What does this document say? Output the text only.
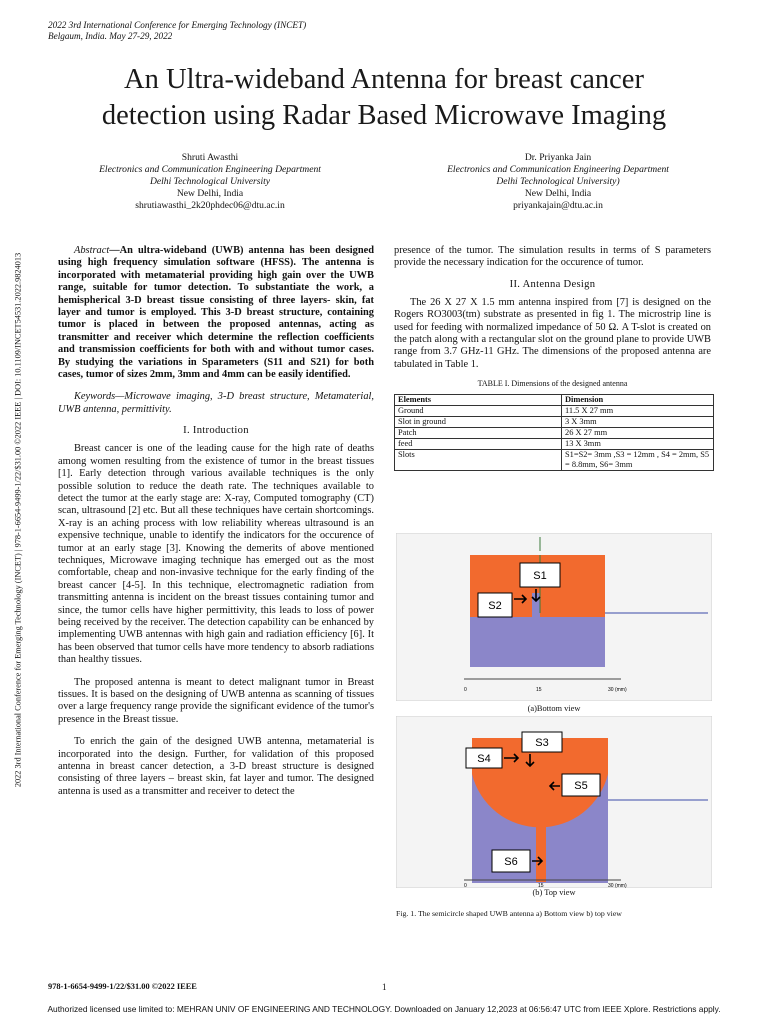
2022 3rd International Conference for Emerging Technology (INCET)
Belgaum, India. May 27-29, 2022
An Ultra-wideband Antenna for breast cancer
detection using Radar Based Microwave Imaging
Shruti Awasthi
Electronics and Communication Engineering Department
Delhi Technological University
New Delhi, India
shrutiawasthi_2k20phdec06@dtu.ac.in
Dr. Priyanka Jain
Electronics and Communication Engineering Department
Delhi Technological University)
New Delhi, India
priyankajain@dtu.ac.in
2022 3rd International Conference for Emerging Technology (INCET) | 978-1-6654-9499-1/22/$31.00 ©2022 IEEE | DOI: 10.1109/INCET54531.2022.9824013

Abstract—An ultra-wideband (UWB) antenna has been designed using high frequency simulation software (HFSS). The antenna is incorporated with metamaterial providing high gain over the UWB range, suitable for tumor detection. To substantiate the work, a hemispherical 3-D breast tissue consisting of three layers- skin, fat layer and tumor is employed. This 3-D breast structure, containing tumor is placed in between the proposed antennas, acting as transmitter and receiver which determine the reflection coefficients and transmission coefficients for both with and without tumor cases. By studying the variations in Sparameters (S11 and S21) for both cases, tumor of sizes 2mm, 3mm and 4mm can be easily identified.

Keywords—Microwave imaging, 3-D breast structure, Metamaterial, UWB antenna, permittivity.

I. Introduction

Breast cancer is one of the leading cause for the high rate of deaths among women resulting from the existence of tumor in the breast tissues [1]. Early detection through various available techniques is the only possible solution to reduce the death rate. The techniques available to detect the tumor at the early stage are: X-ray, Computed tomography (CT) scan, ultrasound [2] etc. But all these techniques have certain shortcomings. X-ray is an aching process with low reliability whereas ultrasound is an expensive technique, unable to identify the indicators for the occurence of tumor at an early stage [3]. Knowing the demerits of above mentioned techniques, Microwave imaging technique has emerged out as the most comfortable, cheap and non-invasive technique for the early finding of the breast cancer [4-5]. In this technique, electromagnetic radiation from transmitting antenna is incident on the breast tissues containing tumor and since, the tumor cells have higher permittivity, this leads to loss of power being received by the receiver. The detection capability can be enhanced by implementing UWB antennas with high gain and radiation efficiency [6]. It has been observed that tumor cells have more tendency to absorb radiations than healthy tissues.

The proposed antenna is meant to detect malignant tumor in Breast tissues. It is based on the designing of UWB antenna as scanning of tissues over a large frequency range provide the significant evidence of the tumor's presence in the Breast tissue.

To enrich the gain of the designed UWB antenna, metamaterial is incorporated into the design. Further, for validation of this proposed antenna in breast cancer detection, a 3-D breast structure is designed consisting of three layers – breast skin, fat layer and tumor. The designed antenna is used as a transmitter and receiver to detect the

presence of the tumor. The simulation results in terms of S parameters provide the necessary indication for the occurence of tumor.

II. Antenna Design

The 26 X 27 X 1.5 mm antenna inspired from [7] is designed on the Rogers RO3003(tm) substrate as presented in fig 1. The microstrip line is used for feeding with normalized impedance of 50 Ω. A T-slot is created on the patch along with a rectangular slot on the ground plane to provide UWB range from 3.7 GHz-11 GHz. The dimensions of the proposed antenna are tabulated in Table 1.

TABLE I. Dimensions of the designed antenna
Elements	Dimension
Ground	11.5 X 27 mm
Slot in ground	3 X 3mm
Patch	26 X 27 mm
feed	13 X 3mm
Slots	S1=S2= 3mm ,S3 = 12mm , S4 = 2mm, S5 = 8.8mm, S6= 3mm
0	15	30 (mm)
S1
S2
(a)Bottom view
0	15	30 (mm)
S3
S4
S5
S6
(b) Top view
Fig. 1. The semicircle shaped UWB antenna a) Bottom view b) top view
978-1-6654-9499-1/22/$31.00 ©2022 IEEE	1
Authorized licensed use limited to: MEHRAN UNIV OF ENGINEERING AND TECHNOLOGY. Downloaded on January 12,2023 at 06:56:47 UTC from IEEE Xplore. Restrictions apply.
